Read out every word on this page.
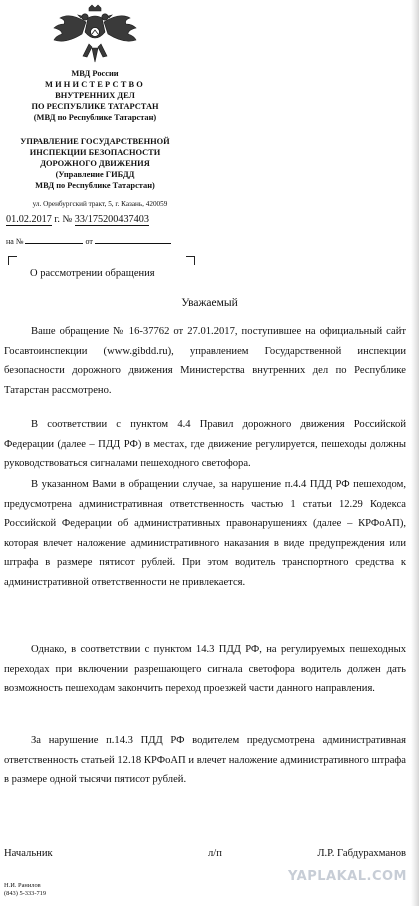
МВД России
МИНИСТЕРСТВО
ВНУТРЕННИХ ДЕЛ
ПО РЕСПУБЛИКЕ ТАТАРСТАН
(МВД по Республике Татарстан)
УПРАВЛЕНИЕ ГОСУДАРСТВЕННОЙ
ИНСПЕКЦИИ БЕЗОПАСНОСТИ
ДОРОЖНОГО ДВИЖЕНИЯ
(Управление ГИБДД
МВД по Республике Татарстан)
ул. Оренбургский тракт, 5, г. Казань, 420059
01.02.2017 г. № 33/175200437403
на №	от
О рассмотрении обращения
Уважаемый

Ваше обращение № 16-37762 от 27.01.2017, поступившее на официальный сайт Госавтоинспекции (www.gibdd.ru), управлением Государственной инспекции безопасности дорожного движения Министерства внутренних дел по Республике Татарстан рассмотрено.

В соответствии с пунктом 4.4 Правил дорожного движения Российской Федерации (далее – ПДД РФ) в местах, где движение регулируется, пешеходы должны руководствоваться сигналами пешеходного светофора.

В указанном Вами в обращении случае, за нарушение п.4.4 ПДД РФ пешеходом, предусмотрена административная ответственность частью 1 статьи 12.29 Кодекса Российской Федерации об административных правонарушениях (далее – КРФоАП), которая влечет наложение административного наказания в виде предупреждения или штрафа в размере пятисот рублей. При этом водитель транспортного средства к административной ответственности не привлекается.

Однако, в соответствии с пунктом 14.3 ПДД РФ, на регулируемых пешеходных переходах при включении разрешающего сигнала светофора водитель должен дать возможность пешеходам закончить переход проезжей части данного направления.

За нарушение п.14.3 ПДД РФ водителем предусмотрена административная ответственность статьей 12.18 КРФоАП и влечет наложение административного штрафа в размере одной тысячи пятисот рублей.

Начальник	л/п	Л.Р. Габдурахманов
Н.И. Ранилов
(843) 5-333-719
YAPLAKAL.COM
